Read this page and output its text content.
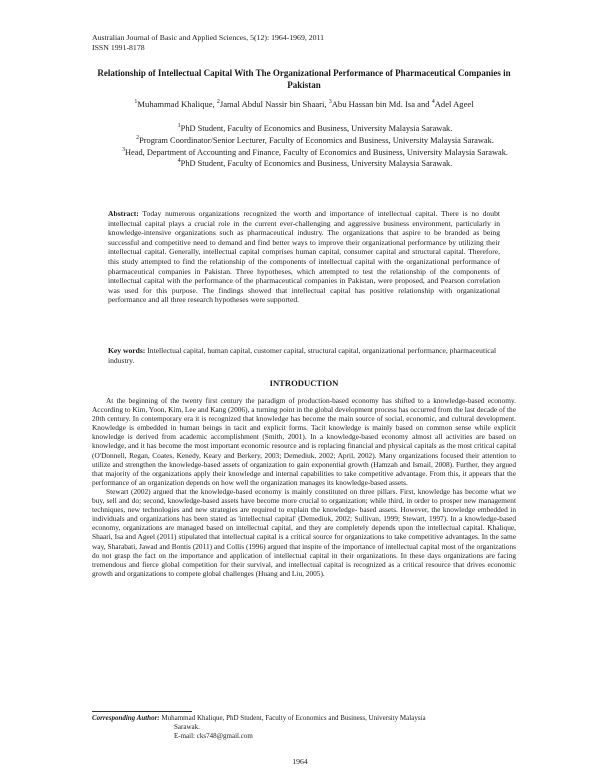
Australian Journal of Basic and Applied Sciences, 5(12): 1964-1969, 2011
ISSN 1991-8178
Relationship of Intellectual Capital With The Organizational Performance of Pharmaceutical Companies in Pakistan
$^1$Muhammad Khalique, $^2$Jamal Abdul Nassir bin Shaari, $^3$Abu Hassan bin Md. Isa and $^4$Adel Ageel
$^1$PhD Student, Faculty of Economics and Business, University Malaysia Sarawak.
$^2$Program Coordinator/Senior Lecturer, Faculty of Economics and Business, University Malaysia Sarawak.
$^3$Head, Department of Accounting and Finance, Faculty of Economics and Business, University Malaysia Sarawak.
$^4$PhD Student, Faculty of Economics and Business, University Malaysia Sarawak.
Abstract: Today numerous organizations recognized the worth and importance of intellectual capital. There is no doubt intellectual capital plays a crucial role in the current ever-challenging and aggressive business environment, particularly in knowledge-intensive organizations such as pharmaceutical industry. The organizations that aspire to be branded as being successful and competitive need to demand and find better ways to improve their organizational performance by utilizing their intellectual capital. Generally, intellectual capital comprises human capital, consumer capital and structural capital. Therefore, this study attempted to find the relationship of the components of intellectual capital with the organizational performance of pharmaceutical companies in Pakistan. Three hypotheses, which attempted to test the relationship of the components of intellectual capital with the performance of the pharmaceutical companies in Pakistan, were proposed, and Pearson correlation was used for this purpose. The findings showed that intellectual capital has positive relationship with organizational performance and all three research hypotheses were supported.
Key words: Intellectual capital, human capital, customer capital, structural capital, organizational performance, pharmaceutical industry.
INTRODUCTION

At the beginning of the twenty first century the paradigm of production-based economy has shifted to a knowledge-based economy. According to Kim, Yoon, Kim, Lee and Kang (2006), a turning point in the global development process has occurred from the last decade of the 20th century. In contemporary era it is recognized that knowledge has become the main source of social, economic, and cultural development. Knowledge is embedded in human beings in tacit and explicit forms. Tacit knowledge is mainly based on common sense while explicit knowledge is derived from academic accomplishment (Smith, 2001). In a knowledge-based economy almost all activities are based on knowledge, and it has become the most important economic resource and is replacing financial and physical capitals as the most critical capital (O'Donnell, Regan, Coates, Kenedy, Keary and Berkery, 2003; Demediuk, 2002; April, 2002). Many organizations focused their attention to utilize and strengthen the knowledge-based assets of organization to gain exponential growth (Hamzah and Ismail, 2008). Further, they argued that majority of the organizations apply their knowledge and internal capabilities to take competitive advantage. From this, it appears that the performance of an organization depends on how well the organization manages its knowledge-based assets.

Stewart (2002) argued that the knowledge-based economy is mainly constituted on three pillars. First, knowledge has become what we buy, sell and do; second, knowledge-based assets have become more crucial to organization; while third, in order to prosper new management techniques, new technologies and new strategies are required to explain the knowledge- based assets. However, the knowledge embedded in individuals and organizations has been stated as 'intellectual capital' (Demediuk, 2002; Sullivan, 1999; Stewart, 1997). In a knowledge-based economy, organizations are managed based on intellectual capital, and they are completely depends upon the intellectual capital. Khalique, Shaari, Isa and Ageel (2011) stipulated that intellectual capital is a critical source for organizations to take competitive advantages. In the same way, Sharabati, Jawad and Bontis (2011) and Collis (1996) argued that inspite of the importance of intellectual capital most of the organizations do not grasp the fact on the importance and application of intellectual capital in their organizations. In these days organizations are facing tremendous and fierce global competition for their survival, and intellectual capital is recognized as a critical resource that drives economic growth and organizations to compete global challenges (Huang and Liu, 2005).

Corresponding Author: Muhammad Khalique, PhD Student, Faculty of Economics and Business, University Malaysia
Sarawak.
E-mail: cks748@gmail.com
1964
